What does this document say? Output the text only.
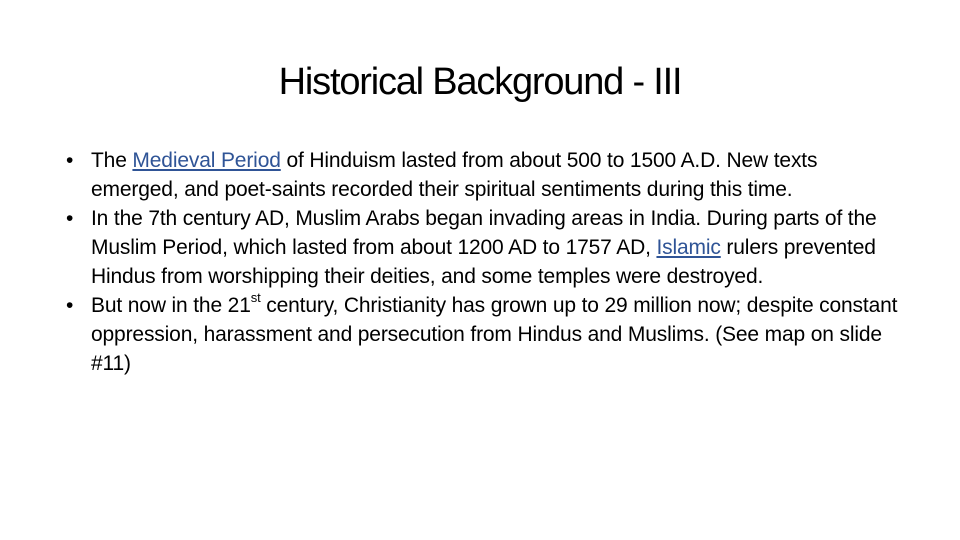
Historical Background - III
• The Medieval Period of Hinduism lasted from about 500 to 1500 A.D. New texts emerged, and poet-saints recorded their spiritual sentiments during this time.
• In the 7th century AD, Muslim Arabs began invading areas in India. During parts of the Muslim Period, which lasted from about 1200 AD to 1757 AD, Islamic rulers prevented Hindus from worshipping their deities, and some temples were destroyed.
• But now in the 21st century, Christianity has grown up to 29 million now; despite constant oppression, harassment and persecution from Hindus and Muslims. (See map on slide #11)
